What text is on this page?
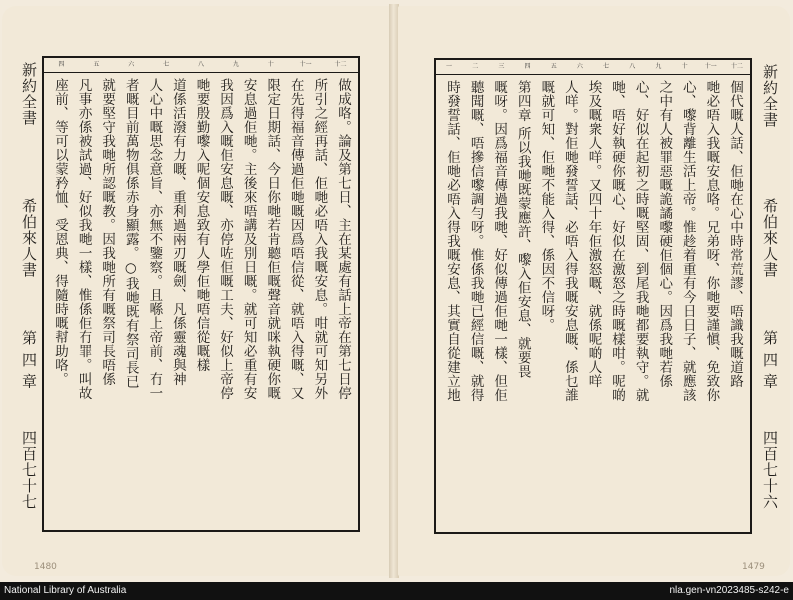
十二
十一
十
九
八
七
六
五
四
做成咯。論及第七日、主在某處有話上帝在第七日停
所引之經再話、佢哋必唔入我嘅安息。咁就可知另外
在先得福音傳過佢哋嘅因爲唔信從、就唔入得嘅、又
限定日期話、今日你哋若肯聽佢嘅聲音就咪執硬你嘅
安息過佢哋。主後來唔講及別日嘅。就可知必重有安
我因爲入嘅佢安息嘅、亦停咗佢嘅工夫、好似上帝停
哋要殷勤嚟入呢個安息致有人學佢哋唔信從嘅樣
道係活潑有力嘅、重利過兩刃嘅劍、凡係靈魂與神
人心中嘅思念意旨、亦無不鑒察。且喺上帝前、冇一
者嘅目前萬物俱係赤身顯露。○我哋既有祭司長已
就要堅守我哋所認嘅教。因我哋所有嘅祭司長唔係
凡事亦係被試過、好似我哋一樣、惟係佢冇罪。叫故
座前、等可以蒙矜恤、受恩典、得隨時嘅幇助咯。
十二
十一
十
九
八
七
六
五
四
三
二
一
個代嘅人話、佢哋在心中時常荒謬、唔識我嘅道路
哋必唔入我嘅安息咯。兄弟呀、你哋要謹愼、免致你
心、嚟背離生活上帝。惟趁着重有今日日子、就應該
之中有人被罪惡嘅詭譎嚟硬佢個心。因爲我哋若係
心、好似在起初之時嘅堅固、到尾我哋都要執守。就
哋、唔好執硬你嘅心、好似在激怒之時嘅樣咁。呢啲
埃及嘅衆人咩。又四十年佢激怒嘅、就係呢啲人咩
人咩。對佢哋發誓話、必唔入得我嘅安息嘅、係乜誰
嘅就可知、佢哋不能入得、係因不信呀。
第四章 所以我哋既蒙應許、嚟入佢安息、就要畏
嘅呀。因爲福音傳過我哋、好似傳過佢哋一樣、但佢
聽聞嘅、唔摻信嚟調勻呀。惟係我哋已經信嘅、就得
時發誓話、佢哋必唔入得我嘅安息、其實自從建立地
新約全書
希伯來人書
第 四 章
四百七十七
新約全書
希伯來人書
第 四 章
四百七十六
1480	1479
National Library of Australia	nla.gen-vn2023485-s242-e
